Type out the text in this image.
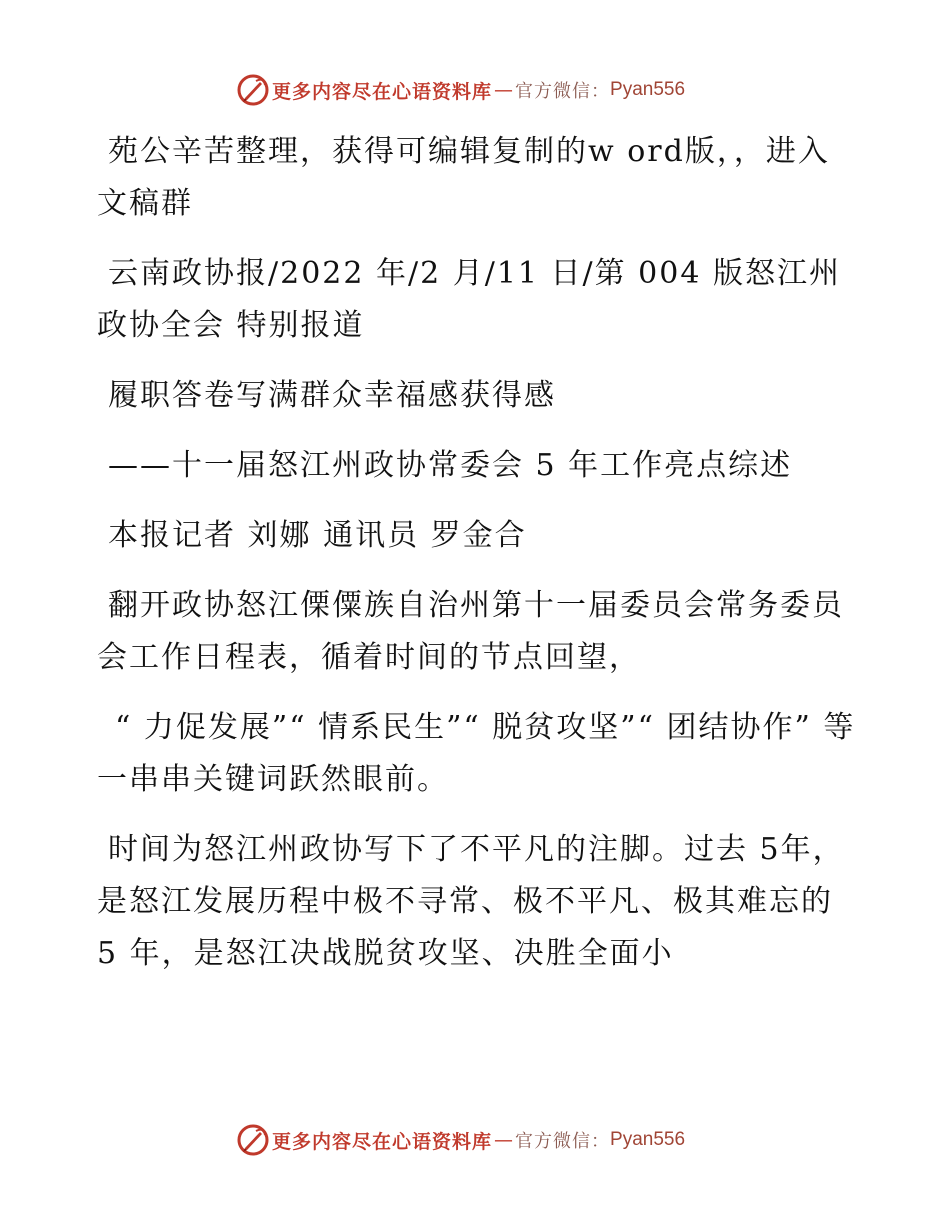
更多内容尽在心语资料库 — 官方微信： Pyan556

苑公辛苦整理，获得可编辑复制的w ord版，，进入文稿群

云南政协报/2022 年/2 月/11 日/第 004 版怒江州政协全会 特别报道

履职答卷写满群众幸福感获得感

——十一届怒江州政协常委会 5 年工作亮点综述

本报记者 刘娜 通讯员 罗金合

翻开政协怒江傈僳族自治州第十一届委员会常务委员会工作日程表，循着时间的节点回望，

“ 力促发展”“ 情系民生”“ 脱贫攻坚”“ 团结协作” 等一串串关键词跃然眼前。

时间为怒江州政协写下了不平凡的注脚。过去 5年，是怒江发展历程中极不寻常、极不平凡、极其难忘的 5 年，是怒江决战脱贫攻坚、决胜全面小

更多内容尽在心语资料库 — 官方微信： Pyan556
